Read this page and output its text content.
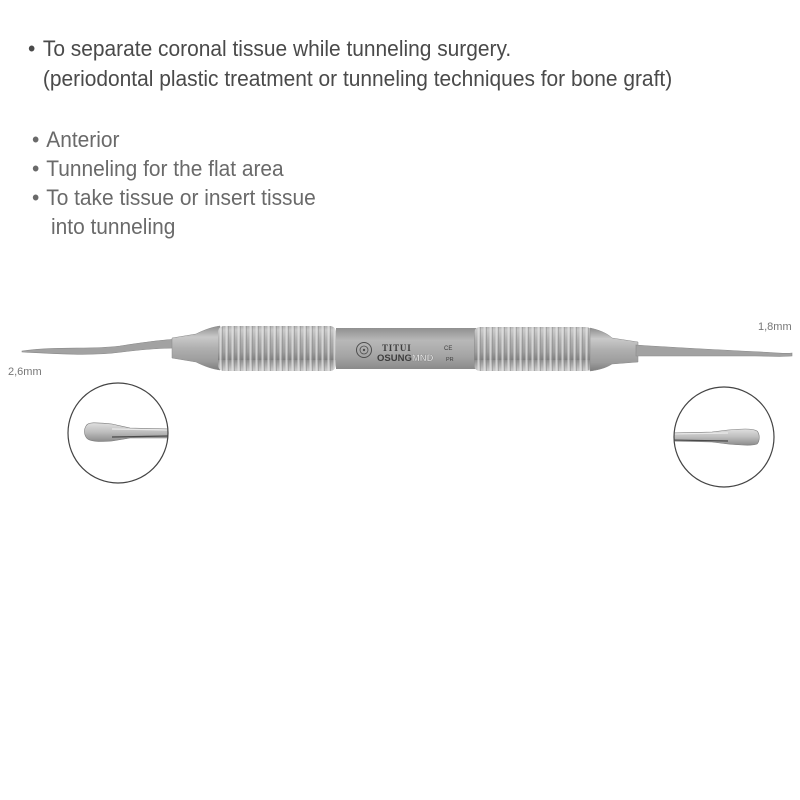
• To separate coronal tissue while tunneling surgery.
(periodontal plastic treatment or tunneling techniques for bone graft)
• Anterior
• Tunneling for the flat area
• To take tissue or insert tissue
into tunneling
2,6mm
1,8mm
TITUI	CE
OSUNGMND PR
